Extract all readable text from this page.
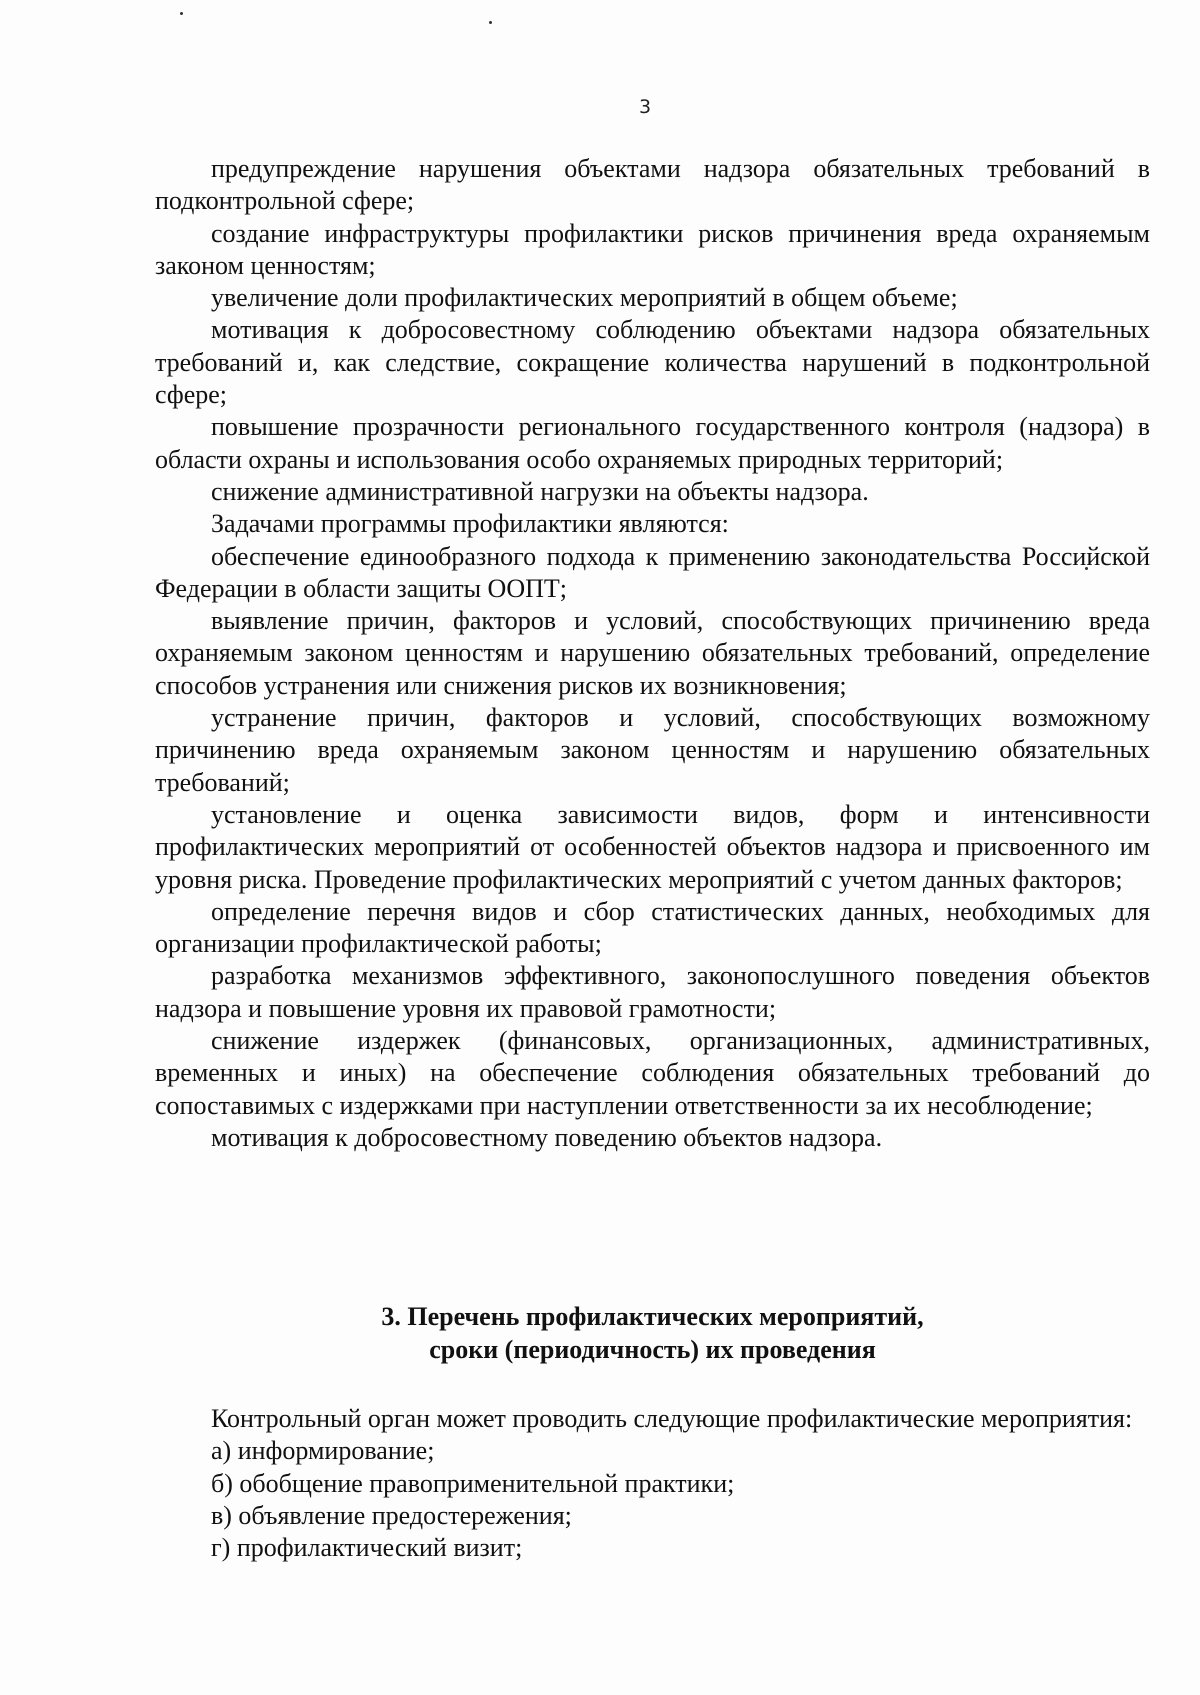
3

предупреждение нарушения объектами надзора обязательных требований в подконтрольной сфере;

создание инфраструктуры профилактики рисков причинения вреда охраняемым законом ценностям;

увеличение доли профилактических мероприятий в общем объеме;

мотивация к добросовестному соблюдению объектами надзора обязательных требований и, как следствие, сокращение количества нарушений в подконтрольной сфере;

повышение прозрачности регионального государственного контроля (надзора) в области охраны и использования особо охраняемых природных территорий;

снижение административной нагрузки на объекты надзора.

Задачами программы профилактики являются:

обеспечение единообразного подхода к применению законодательства Российской Федерации в области защиты ООПТ;

выявление причин, факторов и условий, способствующих причинению вреда охраняемым законом ценностям и нарушению обязательных требований, определение способов устранения или снижения рисков их возникновения;

устранение причин, факторов и условий, способствующих возможному причинению вреда охраняемым законом ценностям и нарушению обязательных требований;

установление и оценка зависимости видов, форм и интенсивности профилактических мероприятий от особенностей объектов надзора и присвоенного им уровня риска. Проведение профилактических мероприятий с учетом данных факторов;

определение перечня видов и сбор статистических данных, необходимых для организации профилактической работы;

разработка механизмов эффективного, законопослушного поведения объектов надзора и повышение уровня их правовой грамотности;

снижение издержек (финансовых, организационных, административных, временных и иных) на обеспечение соблюдения обязательных требований до сопоставимых с издержками при наступлении ответственности за их несоблюдение;

мотивация к добросовестному поведению объектов надзора.

3. Перечень профилактических мероприятий,
сроки (периодичность) их проведения

Контрольный орган может проводить следующие профилактические мероприятия:

а) информирование;

б) обобщение правоприменительной практики;

в) объявление предостережения;

г) профилактический визит;
